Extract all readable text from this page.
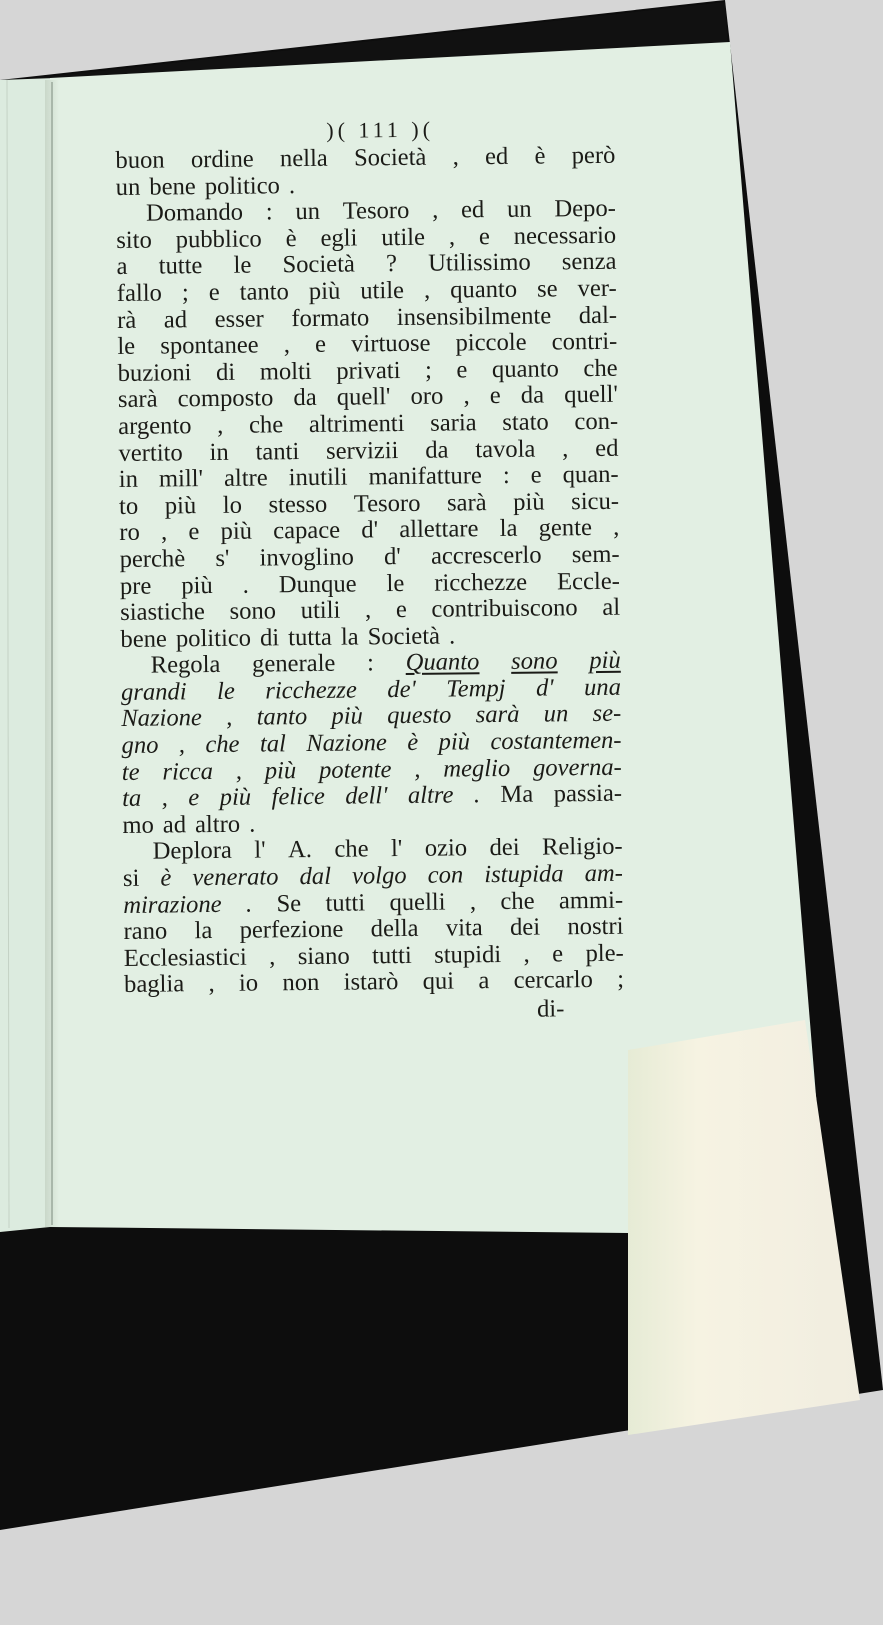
)( 111 )(
buon ordine nella Società , ed è però
un bene politico .
Domando : un Tesoro , ed un Depo-
sito pubblico è egli utile , e necessario
a tutte le Società ? Utilissimo senza
fallo ; e tanto più utile , quanto se ver-
rà ad esser formato insensibilmente dal-
le spontanee , e virtuose piccole contri-
buzioni di molti privati ; e quanto che
sarà composto da quell' oro , e da quell'
argento , che altrimenti saria stato con-
vertito in tanti servizii da tavola , ed
in mill' altre inutili manifatture : e quan-
to più lo stesso Tesoro sarà più sicu-
ro , e più capace d' allettare la gente ,
perchè s' invoglino d' accrescerlo sem-
pre più . Dunque le ricchezze Eccle-
siastiche sono utili , e contribuiscono al
bene politico di tutta la Società .
Regola generale : Quanto sono più
grandi le ricchezze de' Tempj d' una
Nazione , tanto più questo sarà un se-
gno , che tal Nazione è più costantemen-
te ricca , più potente , meglio governa-
ta , e più felice dell' altre . Ma passia-
mo ad altro .
Deplora l' A. che l' ozio dei Religio-
si è venerato dal volgo con istupida am-
mirazione . Se tutti quelli , che ammi-
rano la perfezione della vita dei nostri
Ecclesiastici , siano tutti stupidi , e ple-
baglia , io non istarò qui a cercarlo ;
di-
